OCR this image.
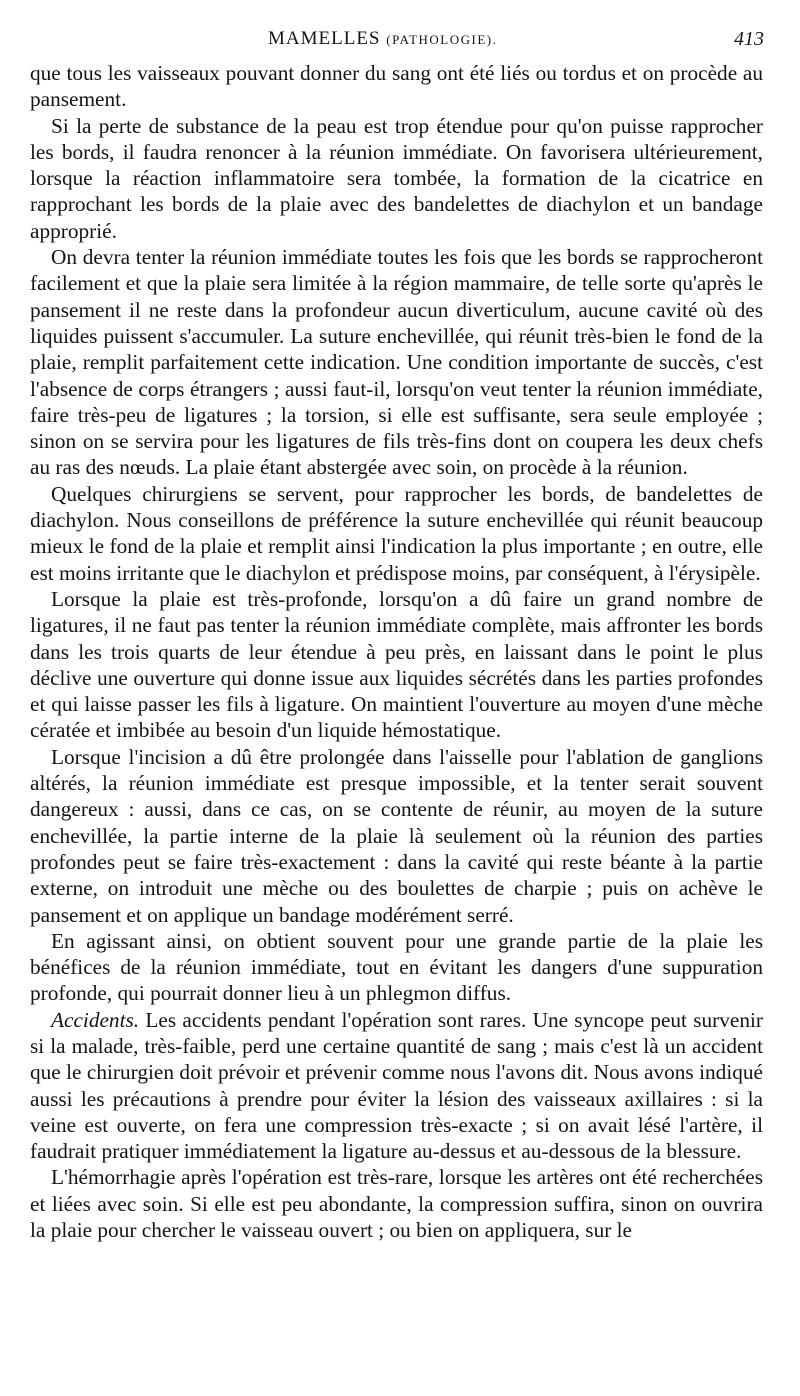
MAMELLES (PATHOLOGIE).	413

que tous les vaisseaux pouvant donner du sang ont été liés ou tordus et on procède au pansement.

Si la perte de substance de la peau est trop étendue pour qu'on puisse rapprocher les bords, il faudra renoncer à la réunion immédiate. On favorisera ultérieurement, lorsque la réaction inflammatoire sera tombée, la formation de la cicatrice en rapprochant les bords de la plaie avec des bandelettes de diachylon et un bandage approprié.

On devra tenter la réunion immédiate toutes les fois que les bords se rapprocheront facilement et que la plaie sera limitée à la région mammaire, de telle sorte qu'après le pansement il ne reste dans la profondeur aucun diverticulum, aucune cavité où des liquides puissent s'accumuler. La suture enchevillée, qui réunit très-bien le fond de la plaie, remplit parfaitement cette indication. Une condition importante de succès, c'est l'absence de corps étrangers ; aussi faut-il, lorsqu'on veut tenter la réunion immédiate, faire très-peu de ligatures ; la torsion, si elle est suffisante, sera seule employée ; sinon on se servira pour les ligatures de fils très-fins dont on coupera les deux chefs au ras des nœuds. La plaie étant abstergée avec soin, on procède à la réunion.

Quelques chirurgiens se servent, pour rapprocher les bords, de bandelettes de diachylon. Nous conseillons de préférence la suture enchevillée qui réunit beaucoup mieux le fond de la plaie et remplit ainsi l'indication la plus importante ; en outre, elle est moins irritante que le diachylon et prédispose moins, par conséquent, à l'érysipèle.

Lorsque la plaie est très-profonde, lorsqu'on a dû faire un grand nombre de ligatures, il ne faut pas tenter la réunion immédiate complète, mais affronter les bords dans les trois quarts de leur étendue à peu près, en laissant dans le point le plus déclive une ouverture qui donne issue aux liquides sécrétés dans les parties profondes et qui laisse passer les fils à ligature. On maintient l'ouverture au moyen d'une mèche cératée et imbibée au besoin d'un liquide hémostatique.

Lorsque l'incision a dû être prolongée dans l'aisselle pour l'ablation de ganglions altérés, la réunion immédiate est presque impossible, et la tenter serait souvent dangereux : aussi, dans ce cas, on se contente de réunir, au moyen de la suture enchevillée, la partie interne de la plaie là seulement où la réunion des parties profondes peut se faire très-exactement : dans la cavité qui reste béante à la partie externe, on introduit une mèche ou des boulettes de charpie ; puis on achève le pansement et on applique un bandage modérément serré.

En agissant ainsi, on obtient souvent pour une grande partie de la plaie les bénéfices de la réunion immédiate, tout en évitant les dangers d'une suppuration profonde, qui pourrait donner lieu à un phlegmon diffus.

Accidents. Les accidents pendant l'opération sont rares. Une syncope peut survenir si la malade, très-faible, perd une certaine quantité de sang ; mais c'est là un accident que le chirurgien doit prévoir et prévenir comme nous l'avons dit. Nous avons indiqué aussi les précautions à prendre pour éviter la lésion des vaisseaux axillaires : si la veine est ouverte, on fera une compression très-exacte ; si on avait lésé l'artère, il faudrait pratiquer immédiatement la ligature au-dessus et au-dessous de la blessure.

L'hémorrhagie après l'opération est très-rare, lorsque les artères ont été recherchées et liées avec soin. Si elle est peu abondante, la compression suffira, sinon on ouvrira la plaie pour chercher le vaisseau ouvert ; ou bien on appliquera, sur le
